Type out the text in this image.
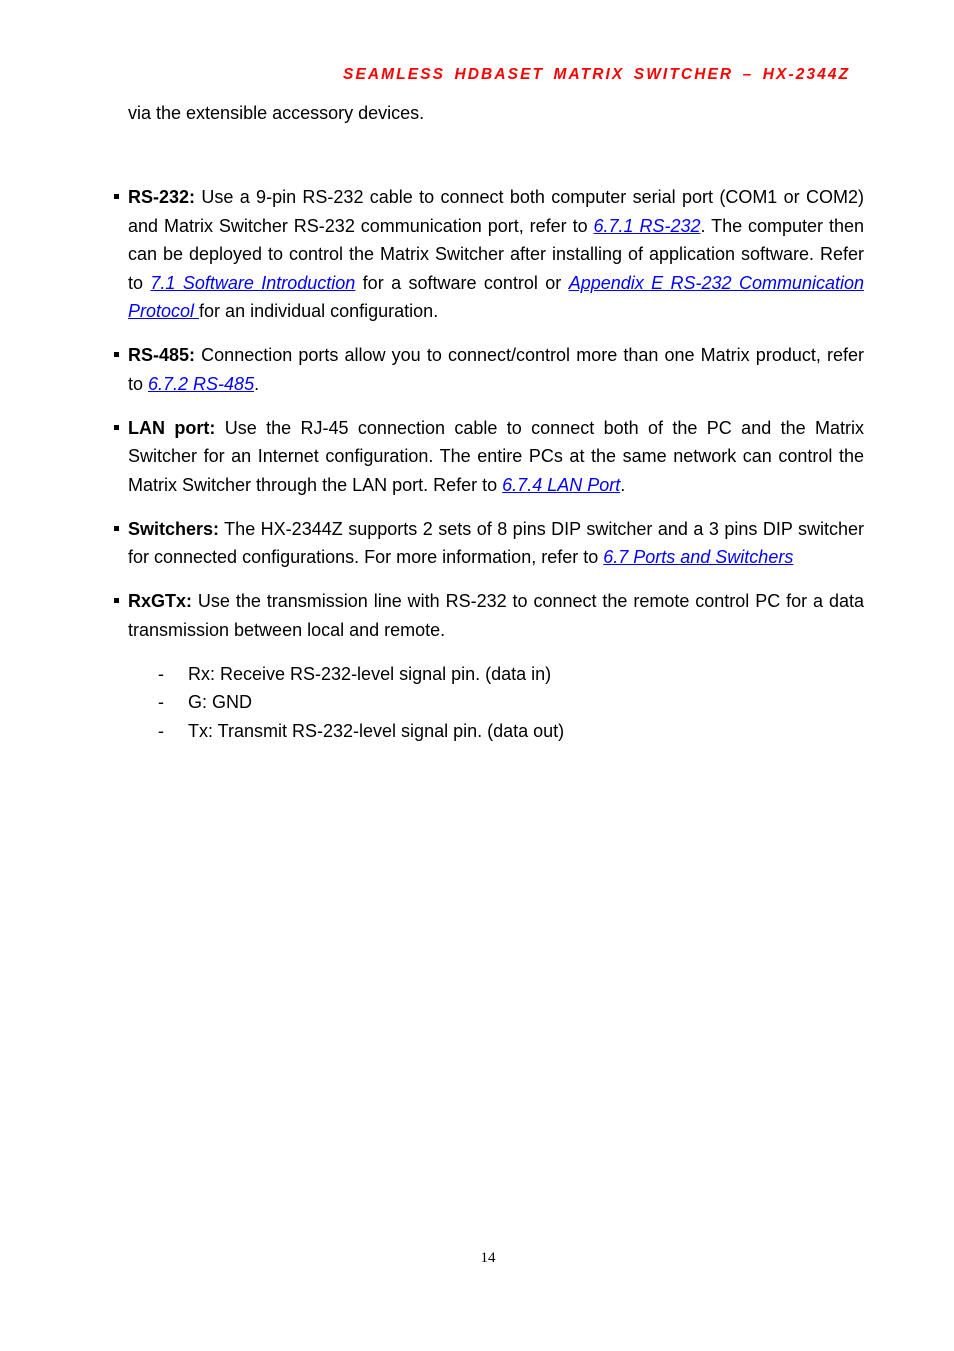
SEAMLESS HDBASET MATRIX SWITCHER – HX-2344Z
via the extensible accessory devices.
RS-232: Use a 9-pin RS-232 cable to connect both computer serial port (COM1 or COM2) and Matrix Switcher RS-232 communication port, refer to 6.7.1 RS-232. The computer then can be deployed to control the Matrix Switcher after installing of application software. Refer to 7.1 Software Introduction for a software control or Appendix E RS-232 Communication Protocol for an individual configuration.
RS-485: Connection ports allow you to connect/control more than one Matrix product, refer to 6.7.2 RS-485.
LAN port: Use the RJ-45 connection cable to connect both of the PC and the Matrix Switcher for an Internet configuration. The entire PCs at the same network can control the Matrix Switcher through the LAN port. Refer to 6.7.4 LAN Port.
Switchers: The HX-2344Z supports 2 sets of 8 pins DIP switcher and a 3 pins DIP switcher for connected configurations. For more information, refer to 6.7 Ports and Switchers
RxGTx: Use the transmission line with RS-232 to connect the remote control PC for a data transmission between local and remote.
- Rx: Receive RS-232-level signal pin. (data in)
- G: GND
- Tx: Transmit RS-232-level signal pin. (data out)
14
